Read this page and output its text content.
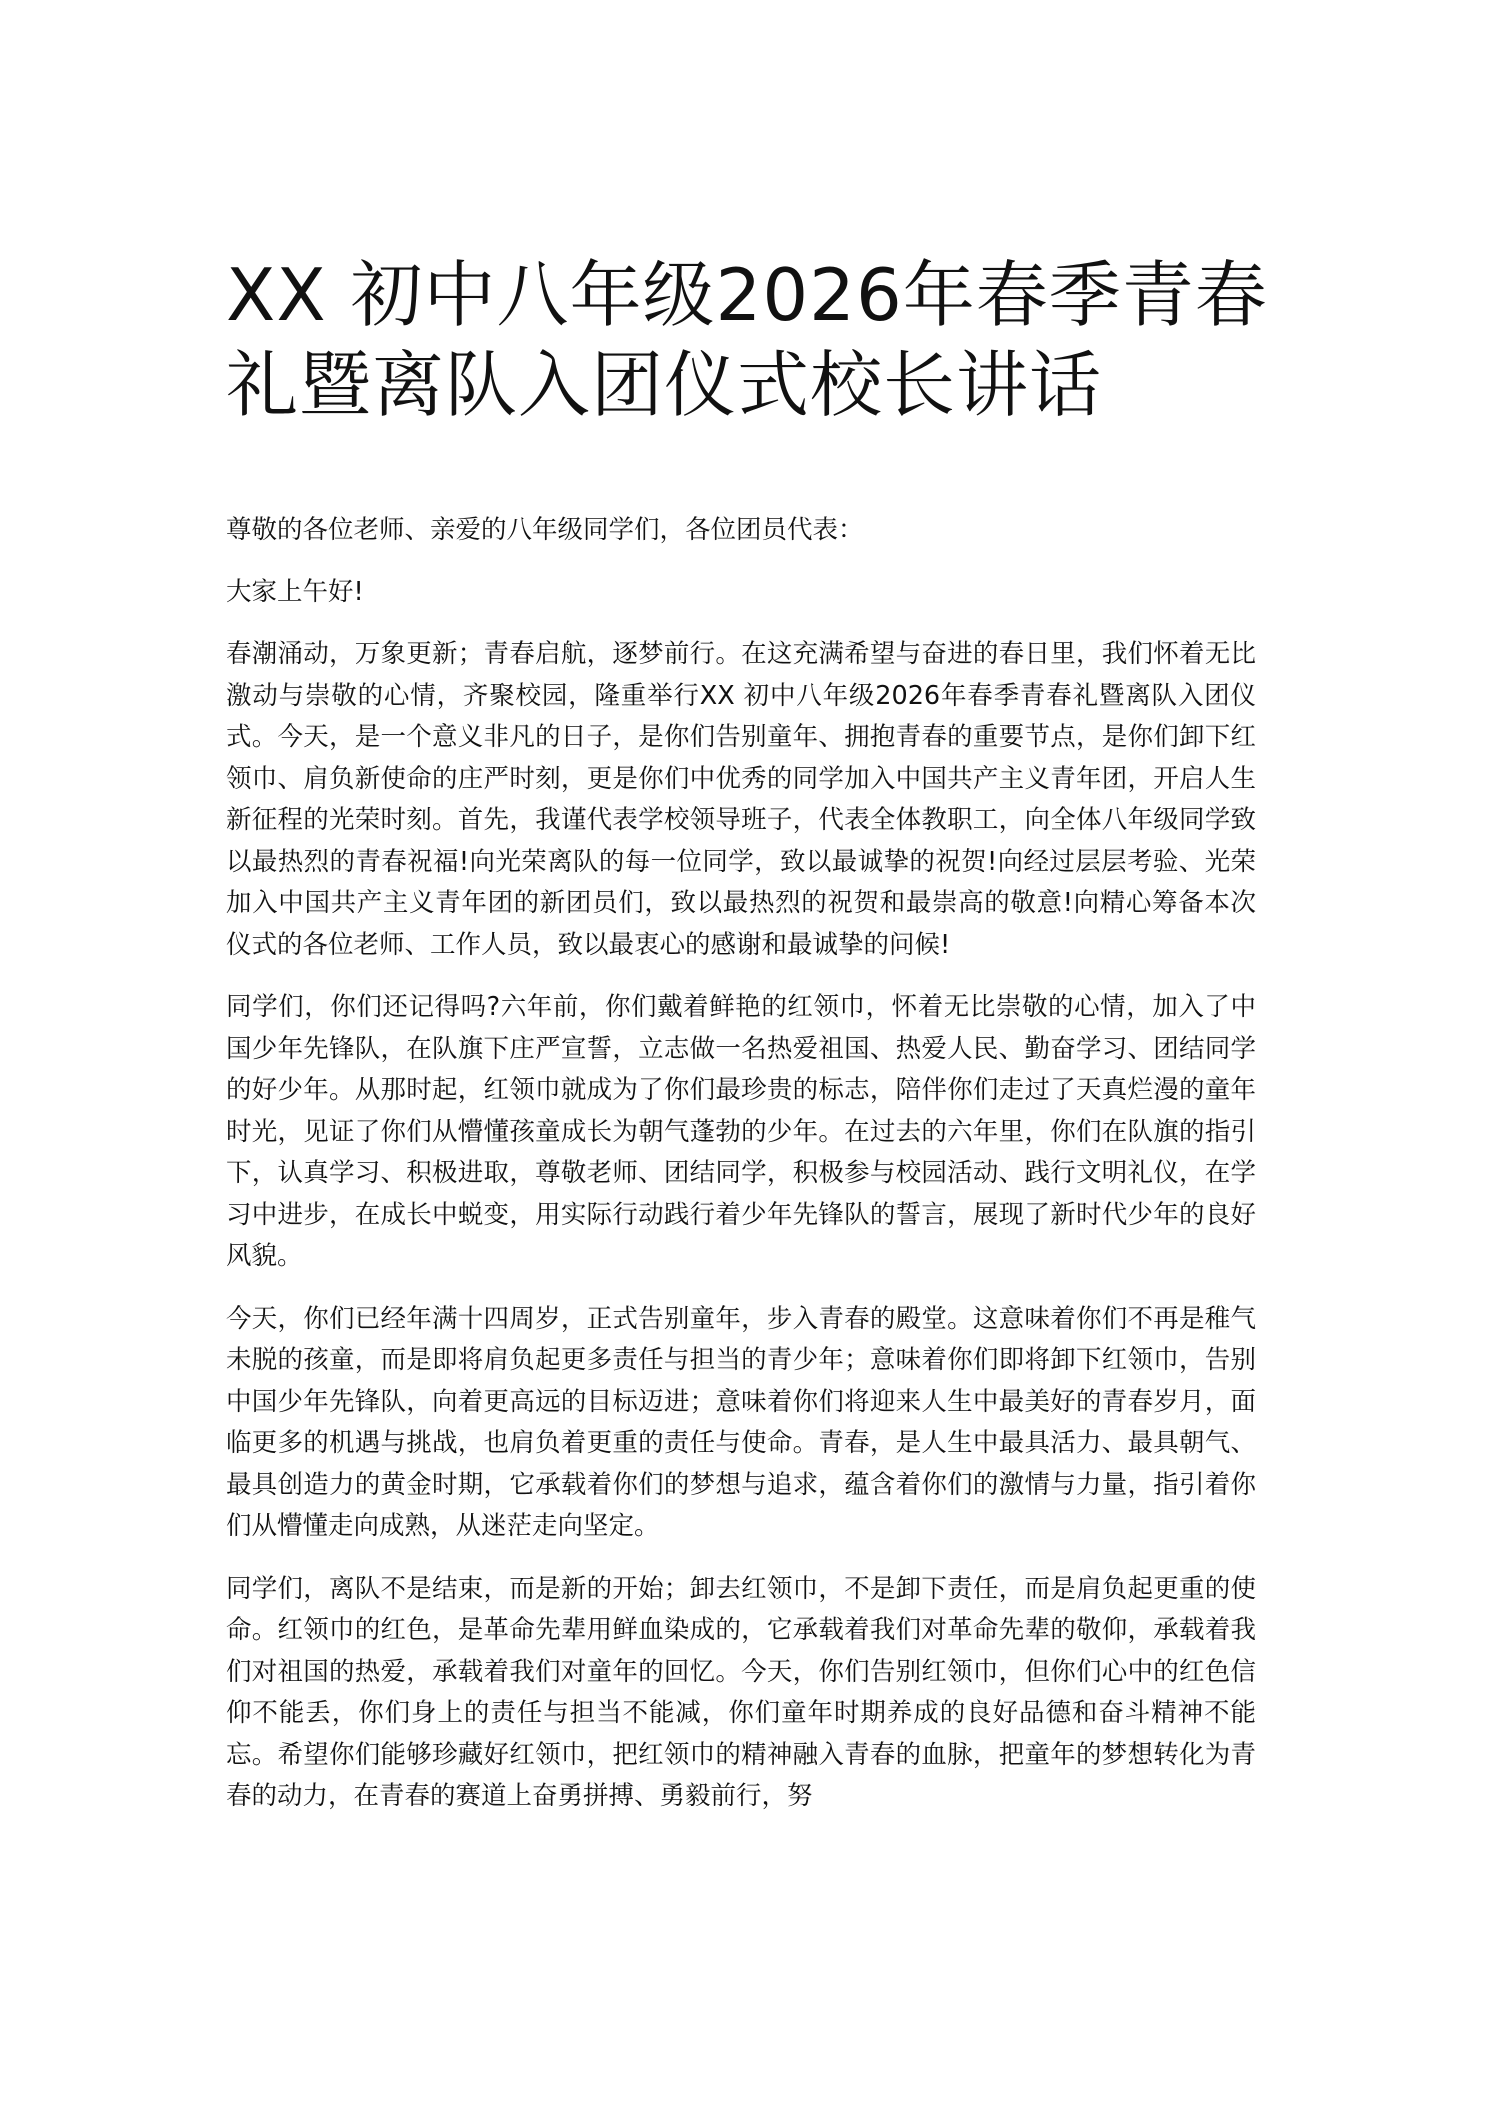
XX 初中八年级2026年春季青春礼暨离队入团仪式校长讲话

尊敬的各位老师、亲爱的八年级同学们，各位团员代表：

大家上午好!

春潮涌动，万象更新；青春启航，逐梦前行。在这充满希望与奋进的春日里，我们怀着无比激动与崇敬的心情，齐聚校园，隆重举行XX 初中八年级2026年春季青春礼暨离队入团仪式。今天，是一个意义非凡的日子，是你们告别童年、拥抱青春的重要节点，是你们卸下红领巾、肩负新使命的庄严时刻，更是你们中优秀的同学加入中国共产主义青年团，开启人生新征程的光荣时刻。首先，我谨代表学校领导班子，代表全体教职工，向全体八年级同学致以最热烈的青春祝福!向光荣离队的每一位同学，致以最诚挚的祝贺!向经过层层考验、光荣加入中国共产主义青年团的新团员们，致以最热烈的祝贺和最崇高的敬意!向精心筹备本次仪式的各位老师、工作人员，致以最衷心的感谢和最诚挚的问候!

同学们，你们还记得吗?六年前，你们戴着鲜艳的红领巾，怀着无比崇敬的心情，加入了中国少年先锋队，在队旗下庄严宣誓，立志做一名热爱祖国、热爱人民、勤奋学习、团结同学的好少年。从那时起，红领巾就成为了你们最珍贵的标志，陪伴你们走过了天真烂漫的童年时光，见证了你们从懵懂孩童成长为朝气蓬勃的少年。在过去的六年里，你们在队旗的指引下，认真学习、积极进取，尊敬老师、团结同学，积极参与校园活动、践行文明礼仪，在学习中进步，在成长中蜕变，用实际行动践行着少年先锋队的誓言，展现了新时代少年的良好风貌。

今天，你们已经年满十四周岁，正式告别童年，步入青春的殿堂。这意味着你们不再是稚气未脱的孩童，而是即将肩负起更多责任与担当的青少年；意味着你们即将卸下红领巾，告别中国少年先锋队，向着更高远的目标迈进；意味着你们将迎来人生中最美好的青春岁月，面临更多的机遇与挑战，也肩负着更重的责任与使命。青春，是人生中最具活力、最具朝气、最具创造力的黄金时期，它承载着你们的梦想与追求，蕴含着你们的激情与力量，指引着你们从懵懂走向成熟，从迷茫走向坚定。

同学们，离队不是结束，而是新的开始；卸去红领巾，不是卸下责任，而是肩负起更重的使命。红领巾的红色，是革命先辈用鲜血染成的，它承载着我们对革命先辈的敬仰，承载着我们对祖国的热爱，承载着我们对童年的回忆。今天，你们告别红领巾，但你们心中的红色信仰不能丢，你们身上的责任与担当不能减，你们童年时期养成的良好品德和奋斗精神不能忘。希望你们能够珍藏好红领巾，把红领巾的精神融入青春的血脉，把童年的梦想转化为青春的动力，在青春的赛道上奋勇拼搏、勇毅前行，努
